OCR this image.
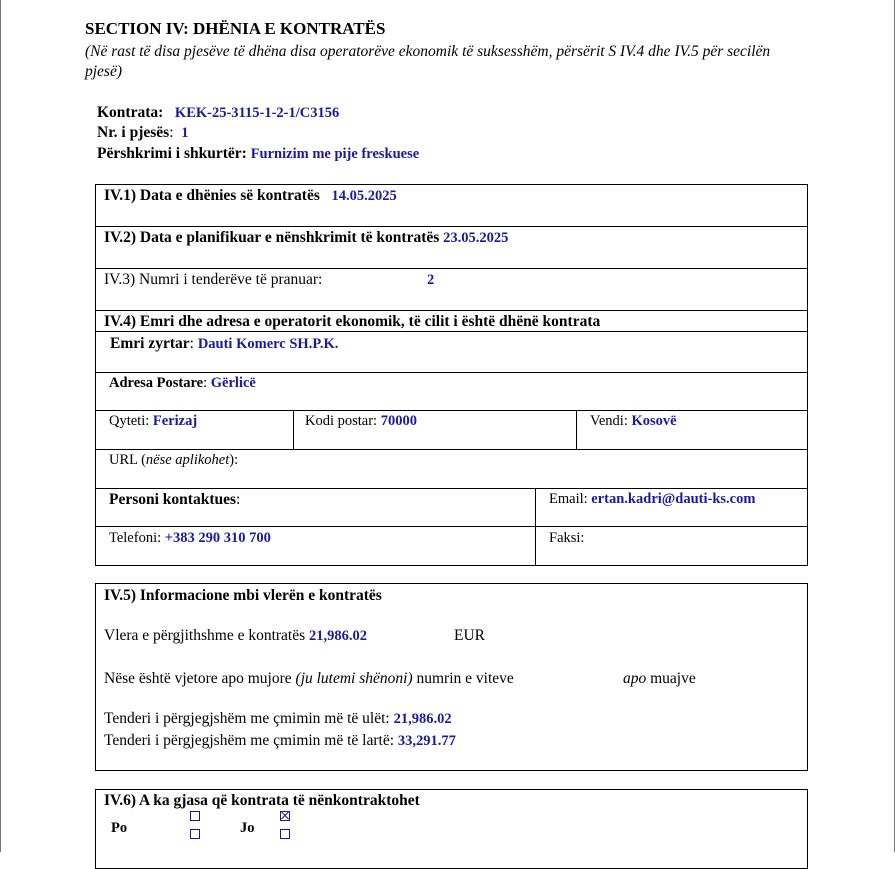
SECTION IV: DHËNIA E KONTRATËS
(Në rast të disa pjesëve të dhëna disa operatorëve ekonomik të suksesshëm, përsërit S IV.4 dhe IV.5 për secilën pjesë)
Kontrata: KEK-25-3115-1-2-1/C3156
Nr. i pjesës: 1
Përshkrimi i shkurtër: Furnizim me pije freskuese
IV.1) Data e dhënies së kontratës 14.05.2025
IV.2) Data e planifikuar e nënshkrimit të kontratës 23.05.2025
IV.3) Numri i tenderëve të pranuar:	2
IV.4) Emri dhe adresa e operatorit ekonomik, të cilit i është dhënë kontrata
Emri zyrtar: Dauti Komerc SH.P.K.
Adresa Postare: Gërlicë
Qyteti: Ferizaj	Kodi postar: 70000	Vendi: Kosovë
URL (nëse aplikohet):
Personi kontaktues:	Email: ertan.kadri@dauti-ks.com
Telefoni: +383 290 310 700	Faksi:
IV.5) Informacione mbi vlerën e kontratës
Vlera e përgjithshme e kontratës 21,986.02	EUR
Nëse është vjetore apo mujore (ju lutemi shënoni) numrin e viteve	apo muajve
Tenderi i përgjegjshëm me çmimin më të ulët: 21,986.02
Tenderi i përgjegjshëm me çmimin më të lartë: 33,291.77
IV.6) A ka gjasa që kontrata të nënkontraktohet
Po	Jo
